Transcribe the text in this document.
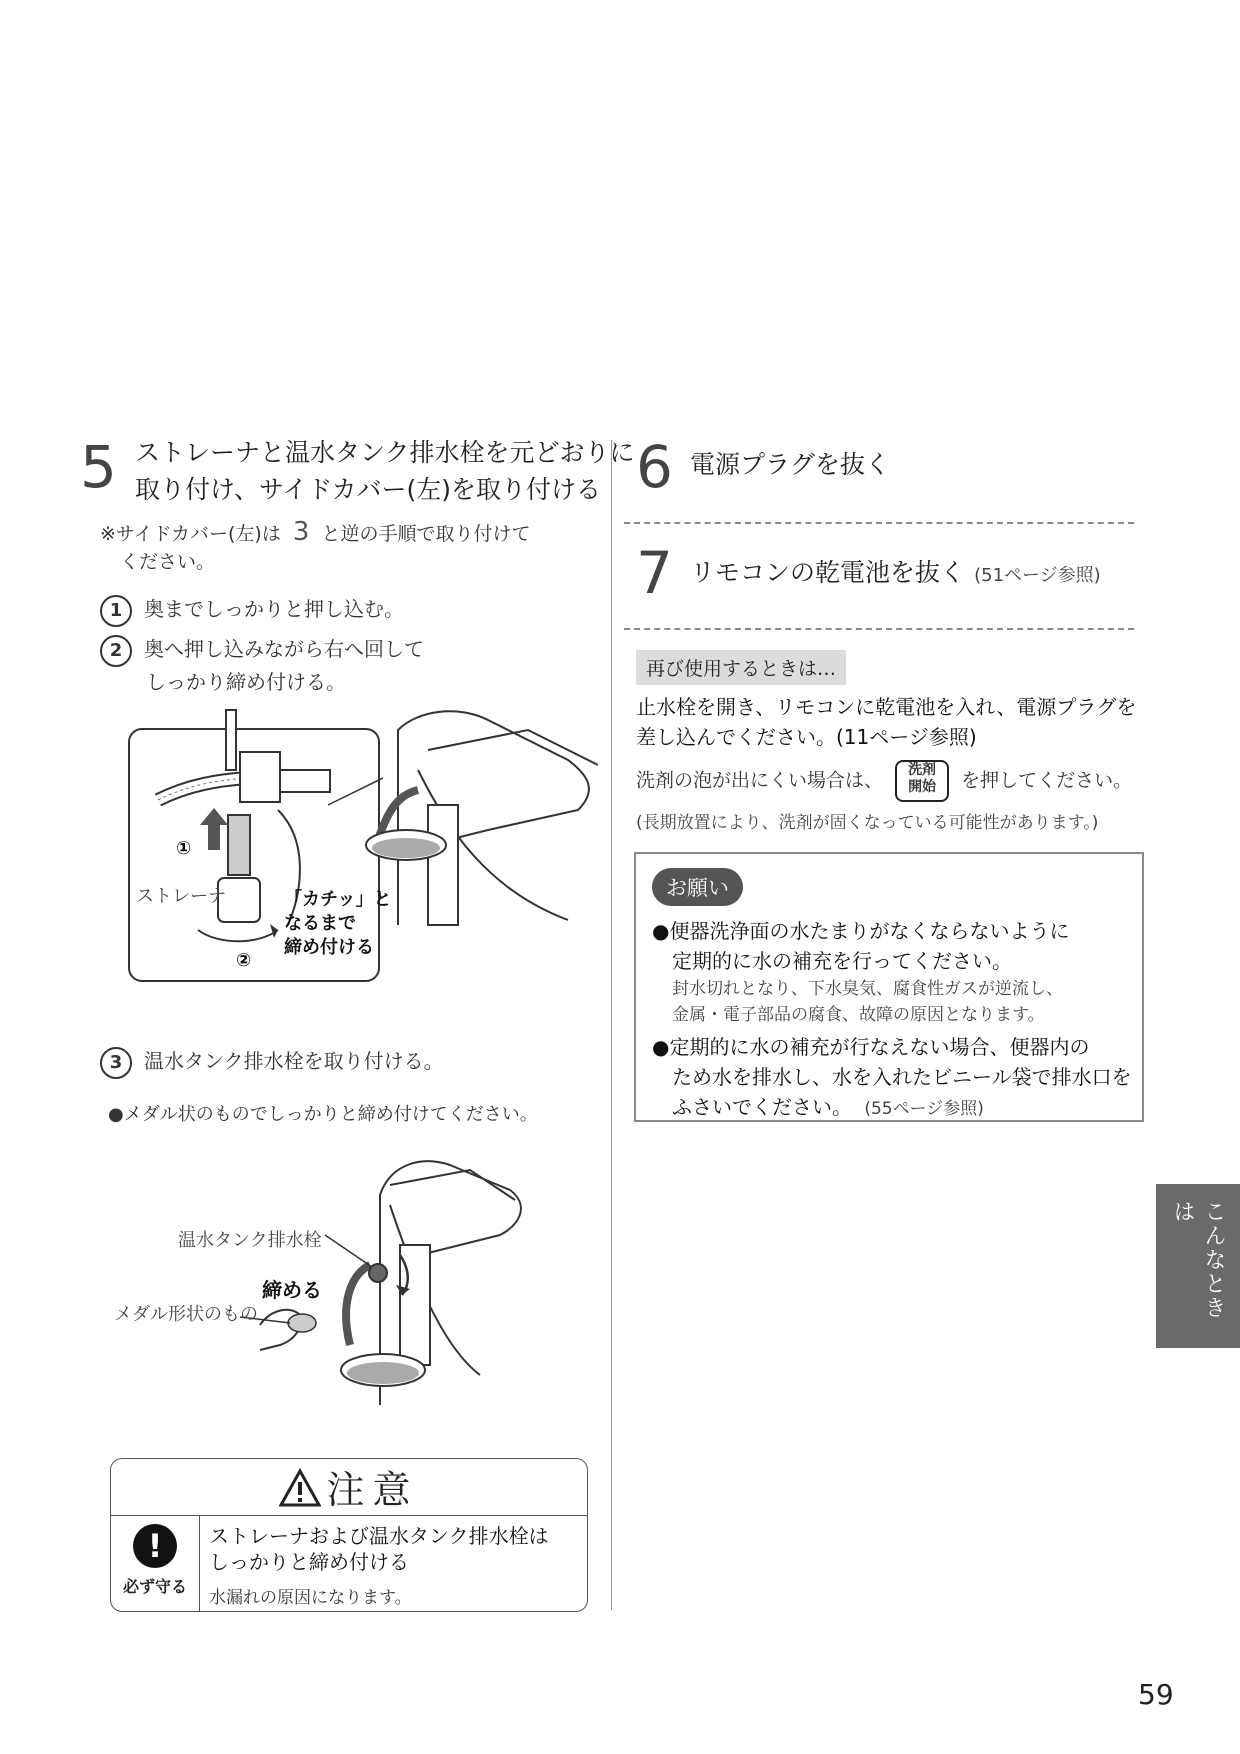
5 ストレーナと温水タンク排水栓を元どおりに
取り付け、サイドカバー(左)を取り付ける
※サイドカバー(左)は 3 と逆の手順で取り付けて
ください。
1 奥までしっかりと押し込む。
2 奥へ押し込みながら右へ回して
しっかり締め付ける。
①
ストレーナ	「カチッ」と
なるまで
締め付ける
②
3 温水タンク排水栓を取り付ける。
●メダル状のものでしっかりと締め付けてください。
温水タンク排水栓
締める
メダル形状のもの
注意
!
必ず守る
ストレーナおよび温水タンク排水栓は
しっかりと締め付ける
水漏れの原因になります。
6 電源プラグを抜く
7 リモコンの乾電池を抜く (51ページ参照)
再び使用するときは…
止水栓を開き、リモコンに乾電池を入れ、電源プラグを
差し込んでください。(11ページ参照)
洗剤の泡が出にくい場合は、	洗剤
開始	を押してください。
(長期放置により、洗剤が固くなっている可能性があります。)
お願い
●便器洗浄面の水たまりがなくならないように
定期的に水の補充を行ってください。
封水切れとなり、下水臭気、腐食性ガスが逆流し、
金属・電子部品の腐食、故障の原因となります。
●定期的に水の補充が行なえない場合、便器内の
ため水を排水し、水を入れたビニール袋で排水口を
ふさいでください。 (55ページ参照)
こんなときは
59
